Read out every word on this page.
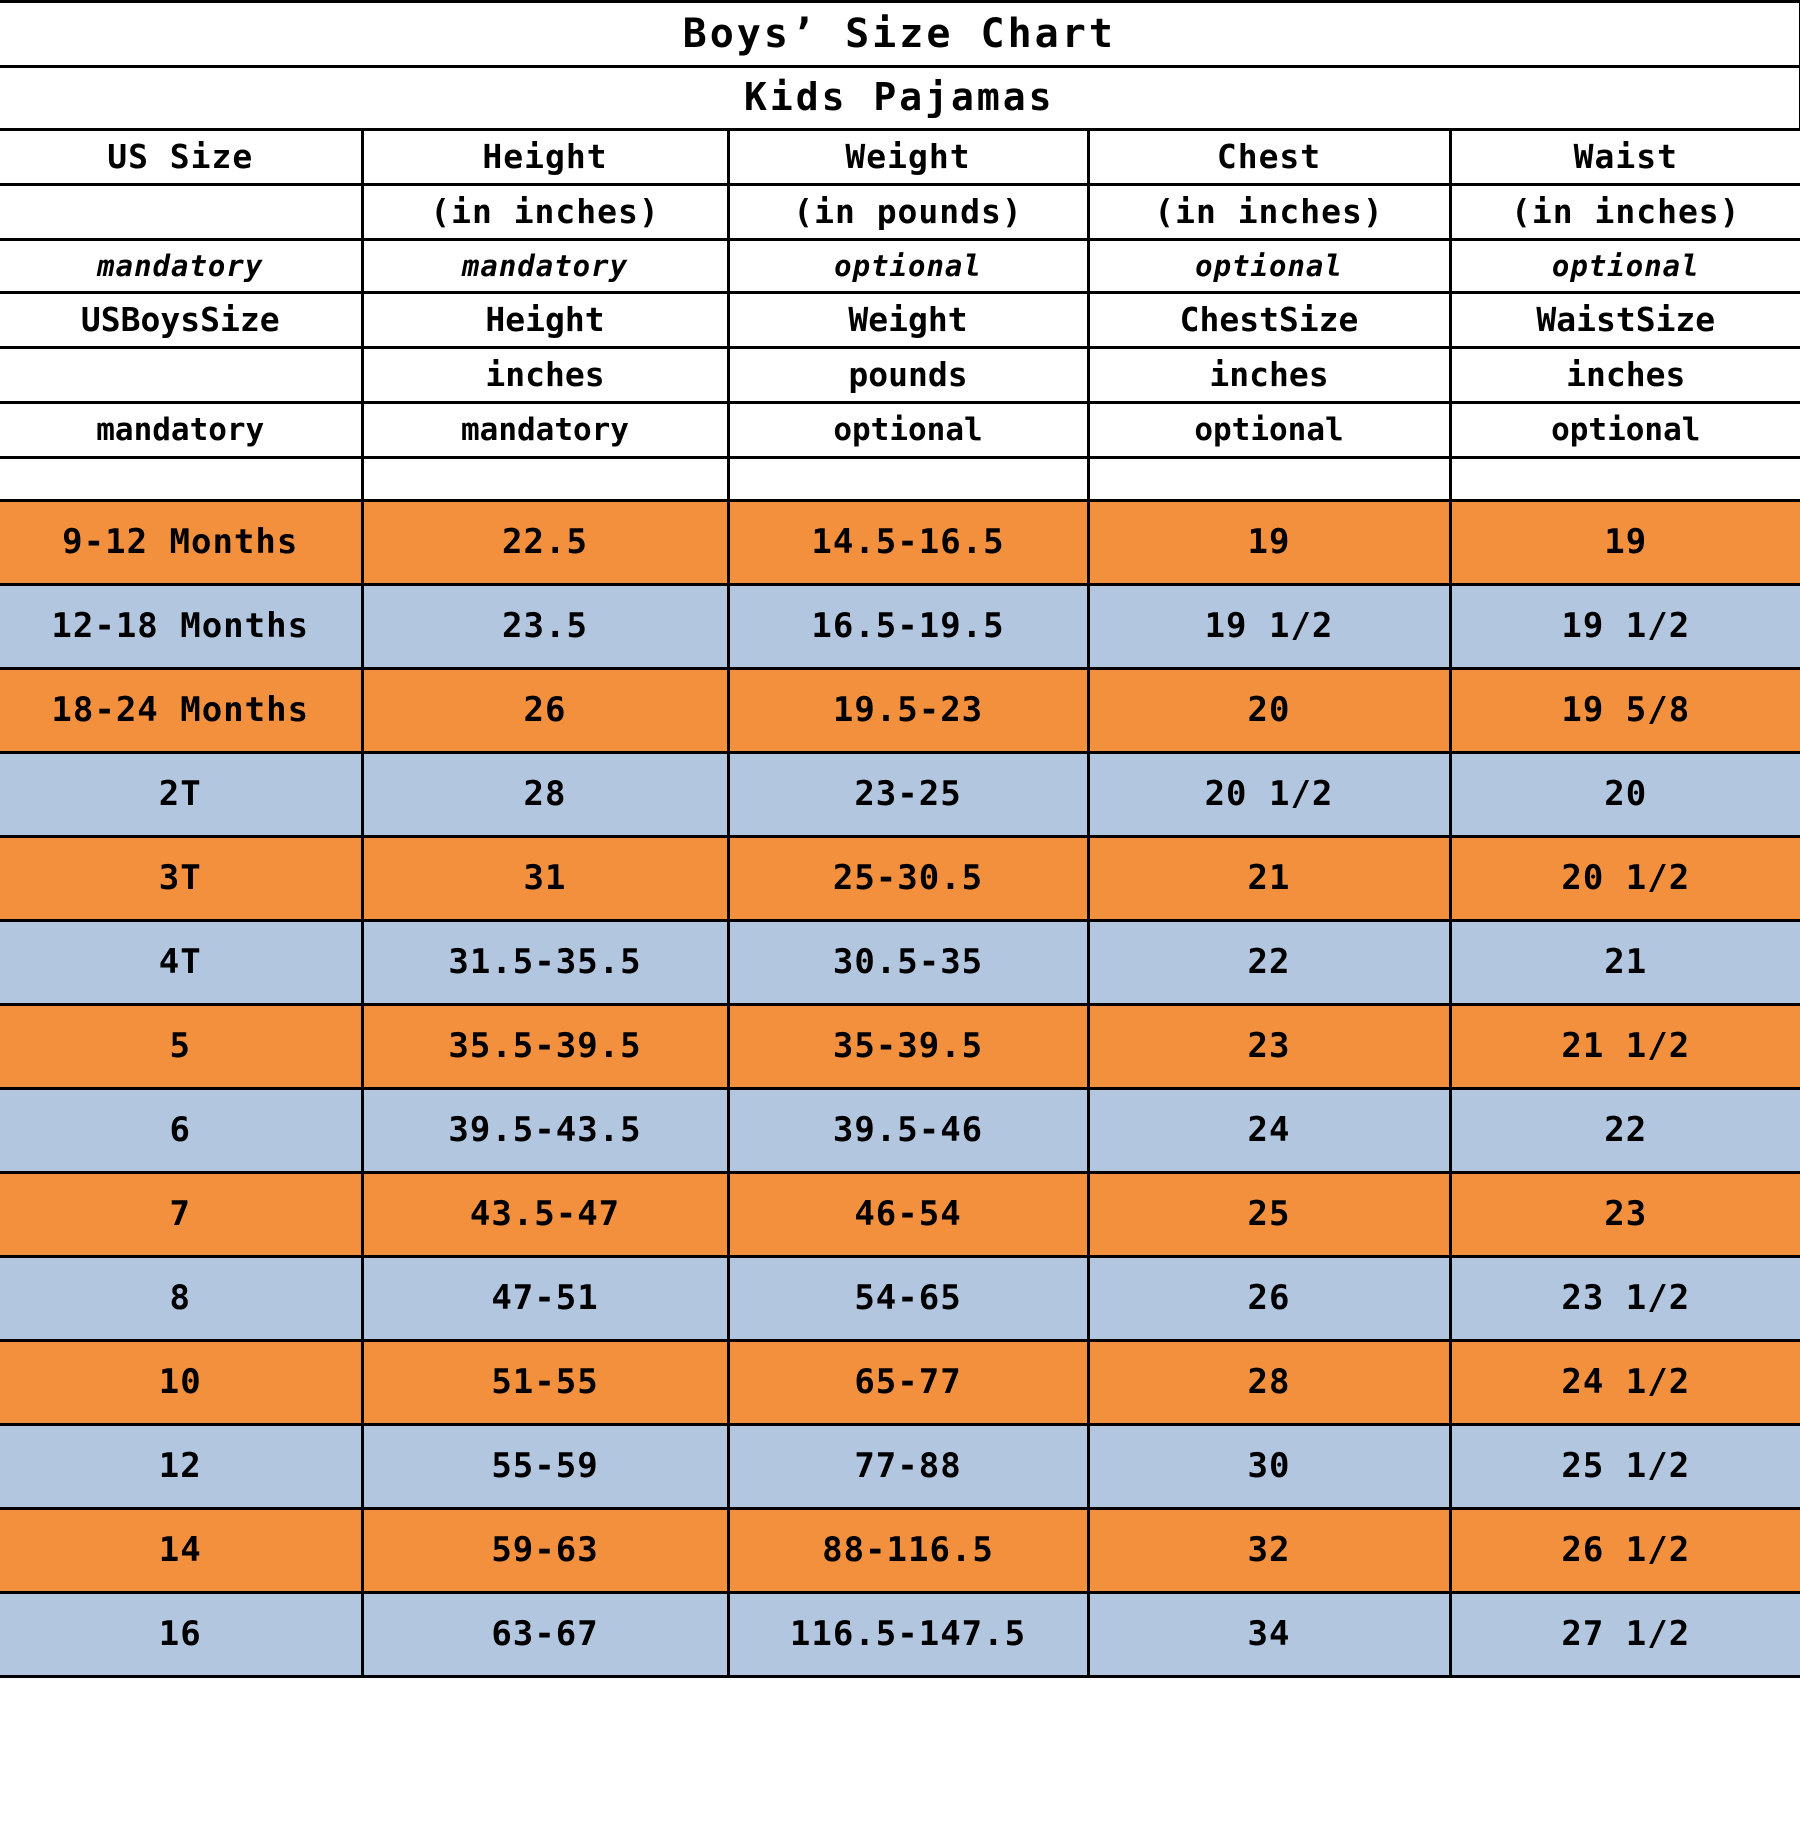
Boys’ Size Chart				
Kids Pajamas				
US Size	Height	Weight	Chest	Waist
	(in inches)	(in pounds)	(in inches)	(in inches)
mandatory	mandatory	optional	optional	optional
USBoysSize	Height	Weight	ChestSize	WaistSize
	inches	pounds	inches	inches
mandatory	mandatory	optional	optional	optional

9-12 Months	22.5	14.5-16.5	19	19
12-18 Months	23.5	16.5-19.5	19 1/2	19 1/2
18-24 Months	26	19.5-23	20	19 5/8
2T	28	23-25	20 1/2	20
3T	31	25-30.5	21	20 1/2
4T	31.5-35.5	30.5-35	22	21
5	35.5-39.5	35-39.5	23	21 1/2
6	39.5-43.5	39.5-46	24	22
7	43.5-47	46-54	25	23
8	47-51	54-65	26	23 1/2
10	51-55	65-77	28	24 1/2
12	55-59	77-88	30	25 1/2
14	59-63	88-116.5	32	26 1/2
16	63-67	116.5-147.5	34	27 1/2
